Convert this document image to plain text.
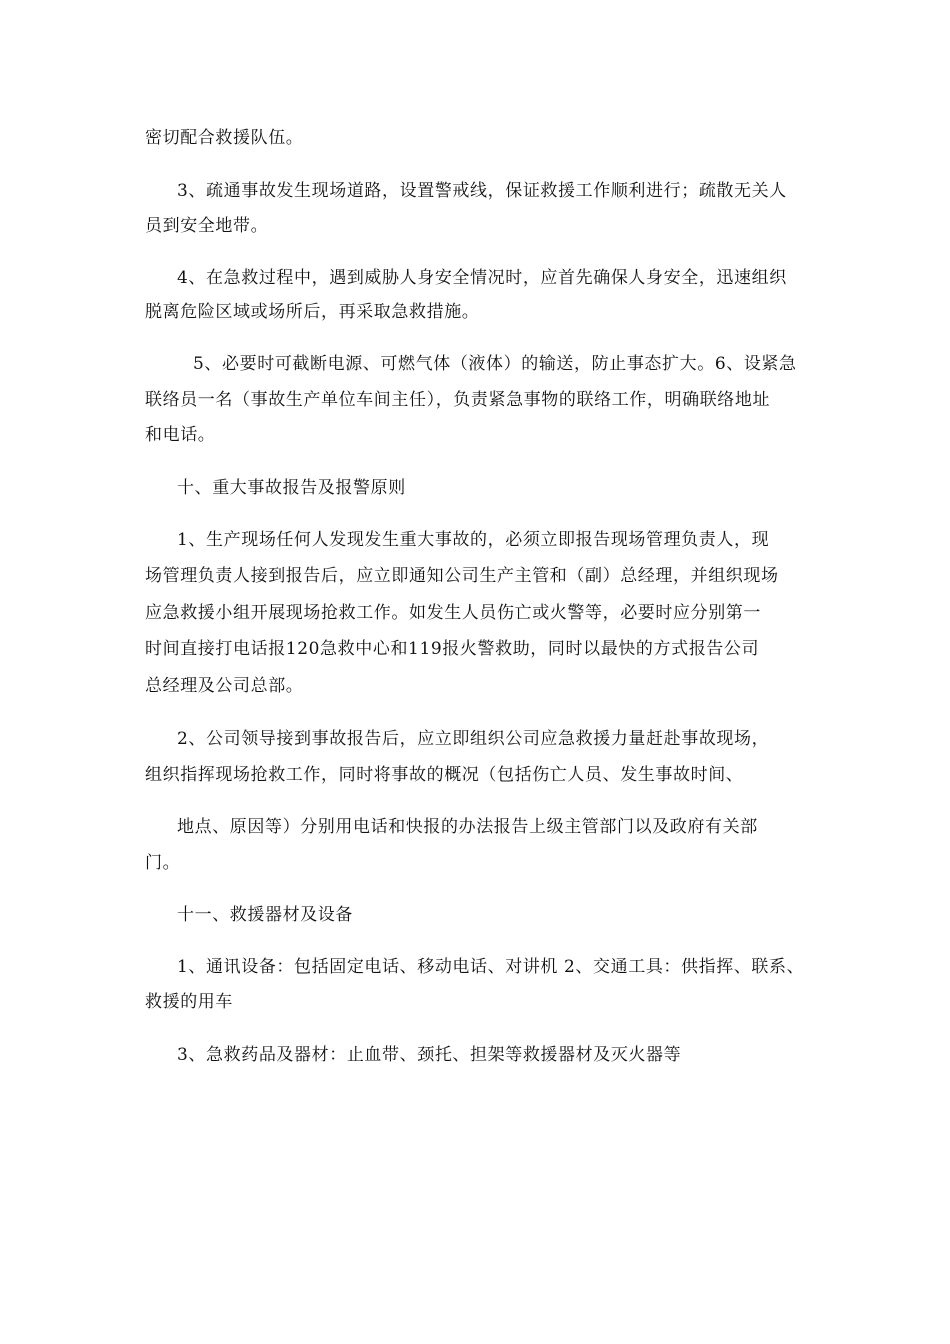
密切配合救援队伍。
3、疏通事故发生现场道路，设置警戒线，保证救援工作顺利进行；疏散无关人
员到安全地带。
4、在急救过程中，遇到威胁人身安全情况时，应首先确保人身安全，迅速组织
脱离危险区域或场所后，再采取急救措施。
5、必要时可截断电源、可燃气体（液体）的输送，防止事态扩大。6、设紧急
联络员一名（事故生产单位车间主任），负责紧急事物的联络工作，明确联络地址
和电话。
十、重大事故报告及报警原则
1、生产现场任何人发现发生重大事故的，必须立即报告现场管理负责人，现
场管理负责人接到报告后，应立即通知公司生产主管和（副）总经理，并组织现场
应急救援小组开展现场抢救工作。如发生人员伤亡或火警等，必要时应分别第一
时间直接打电话报120急救中心和119报火警救助，同时以最快的方式报告公司
总经理及公司总部。
2、公司领导接到事故报告后，应立即组织公司应急救援力量赶赴事故现场，
组织指挥现场抢救工作，同时将事故的概况（包括伤亡人员、发生事故时间、
地点、原因等）分别用电话和快报的办法报告上级主管部门以及政府有关部
门。
十一、救援器材及设备
1、通讯设备：包括固定电话、移动电话、对讲机 2、交通工具：供指挥、联系、
救援的用车
3、急救药品及器材：止血带、颈托、担架等救援器材及灭火器等
